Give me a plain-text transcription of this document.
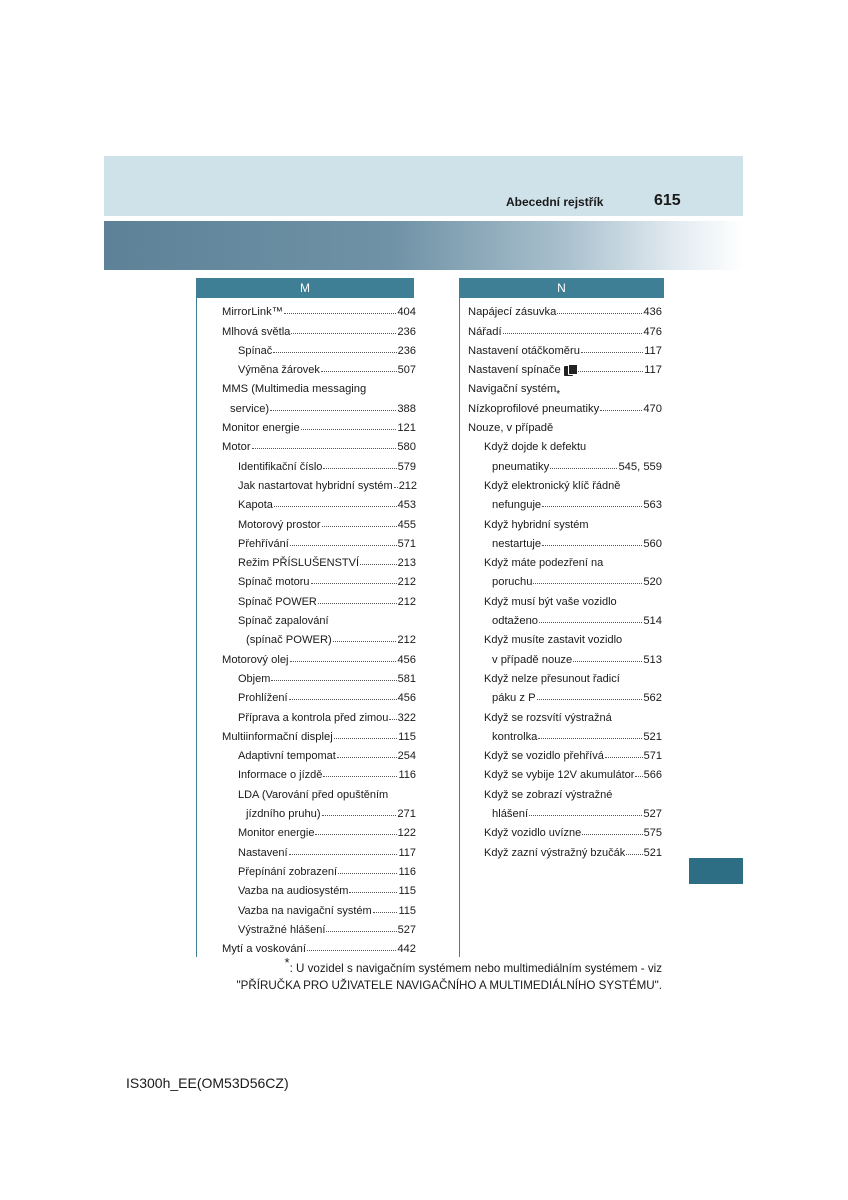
Abecední rejstřík	615
M	N
MirrorLink™	404
Mlhová světla	236
Spínač	236
Výměna žárovek	507
MMS (Multimedia messaging
service)	388
Monitor energie	121
Motor	580
Identifikační číslo	579
Jak nastartovat hybridní systém 212
Kapota	453
Motorový prostor	455
Přehřívání	571
Režim PŘÍSLUŠENSTVÍ	213
Spínač motoru	212
Spínač POWER	212
Spínač zapalování
(spínač POWER)	212
Motorový olej	456
Objem	581
Prohlížení	456
Příprava a kontrola před zimou 322
Multiinformační displej	115
Adaptivní tempomat	254
Informace o jízdě	116
LDA (Varování před opuštěním
jízdního pruhu)	271
Monitor energie	122
Nastavení	117
Přepínání zobrazení	116
Vazba na audiosystém	115
Vazba na navigační systém 115
Výstražné hlášení	527
Mytí a voskování	442
Napájecí zásuvka	436
Nářadí	476
Nastavení otáčkoměru	117
Nastavení spínače	117
Navigační systém *
Nízkoprofilové pneumatiky	470
Nouze, v případě
Když dojde k defektu
pneumatiky	545, 559
Když elektronický klíč řádně
nefunguje	563
Když hybridní systém
nestartuje	560
Když máte podezření na
poruchu	520
Když musí být vaše vozidlo
odtaženo	514
Když musíte zastavit vozidlo
v případě nouze	513
Když nelze přesunout řadicí
páku z P	562
Když se rozsvítí výstražná
kontrolka	521
Když se vozidlo přehřívá	571
Když se vybije 12V akumulátor 566
Když se zobrazí výstražné
hlášení	527
Když vozidlo uvízne	575
Když zazní výstražný bzučák 521
*: U vozidel s navigačním systémem nebo multimediálním systémem - viz
"PŘÍRUČKA PRO UŽIVATELE NAVIGAČNÍHO A MULTIMEDIÁLNÍHO SYSTÉMU".
IS300h_EE(OM53D56CZ)
